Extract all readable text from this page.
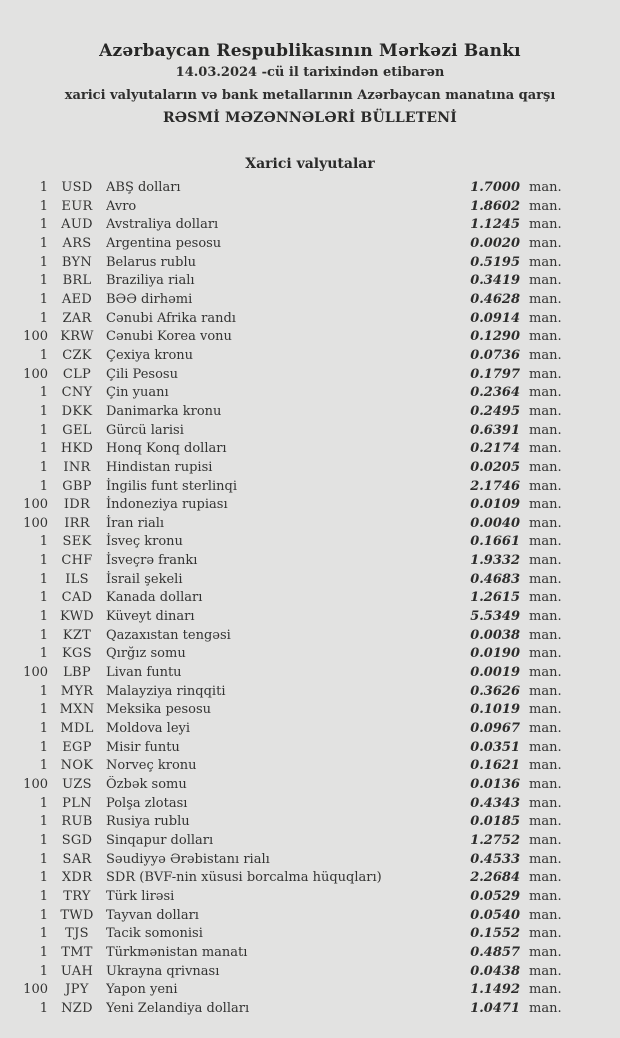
Azərbaycan Respublikasının Mərkəzi Bankı
14.03.2024 -cü il tarixindən etibarən
xarici valyutaların və bank metallarının Azərbaycan manatına qarşı
RƏSMİ MƏZƏNNƏLƏRİ BÜLLETENİ
Xarici valyutalar
1	USD	ABŞ dolları	1.7000 man.
1	EUR	Avro	1.8602 man.
1	AUD	Avstraliya dolları	1.1245 man.
1	ARS	Argentina pesosu	0.0020 man.
1	BYN	Belarus rublu	0.5195 man.
1	BRL	Braziliya rialı	0.3419 man.
1	AED	BƏƏ dirhəmi	0.4628 man.
1	ZAR	Cənubi Afrika randı	0.0914 man.
100 KRW Cənubi Korea vonu	0.1290 man.
1	CZK	Çexiya kronu	0.0736 man.
100	CLP	Çili Pesosu	0.1797 man.
1	CNY	Çin yuanı	0.2364 man.
1	DKK	Danimarka kronu	0.2495 man.
1	GEL	Gürcü larisi	0.6391 man.
1 HKD Honq Konq dolları	0.2174 man.
1	INR	Hindistan rupisi	0.0205 man.
1	GBP	İngilis funt sterlinqi	2.1746 man.
100	IDR	İndoneziya rupiası	0.0109 man.
100	IRR	İran rialı	0.0040 man.
1	SEK	İsveç kronu	0.1661 man.
1	CHF	İsveçrə frankı	1.9332 man.
1	ILS	İsrail şekeli	0.4683 man.
1	CAD	Kanada dolları	1.2615 man.
1 KWD Küveyt dinarı	5.5349 man.
1	KZT	Qazaxıstan tengəsi	0.0038 man.
1	KGS	Qırğız somu	0.0190 man.
100	LBP	Livan funtu	0.0019 man.
1 MYR Malayziya rinqqiti	0.3626 man.
1 MXN Meksika pesosu	0.1019 man.
1 MDL Moldova leyi	0.0967 man.
1	EGP	Misir funtu	0.0351 man.
1 NOK Norveç kronu	0.1621 man.
100	UZS	Özbək somu	0.0136 man.
1	PLN	Polşa zlotası	0.4343 man.
1	RUB	Rusiya rublu	0.0185 man.
1	SGD	Sinqapur dolları	1.2752 man.
1	SAR	Səudiyyə Ərəbistanı rialı	0.4533 man.
1	XDR	SDR (BVF-nin xüsusi borcalma hüquqları)	2.2684 man.
1	TRY	Türk lirəsi	0.0529 man.
1 TWD Tayvan dolları	0.0540 man.
1	TJS	Tacik somonisi	0.1552 man.
1	TMT	Türkmənistan manatı	0.4857 man.
1 UAH Ukrayna qrivnası	0.0438 man.
100	JPY	Yapon yeni	1.1492 man.
1	NZD	Yeni Zelandiya dolları	1.0471 man.
